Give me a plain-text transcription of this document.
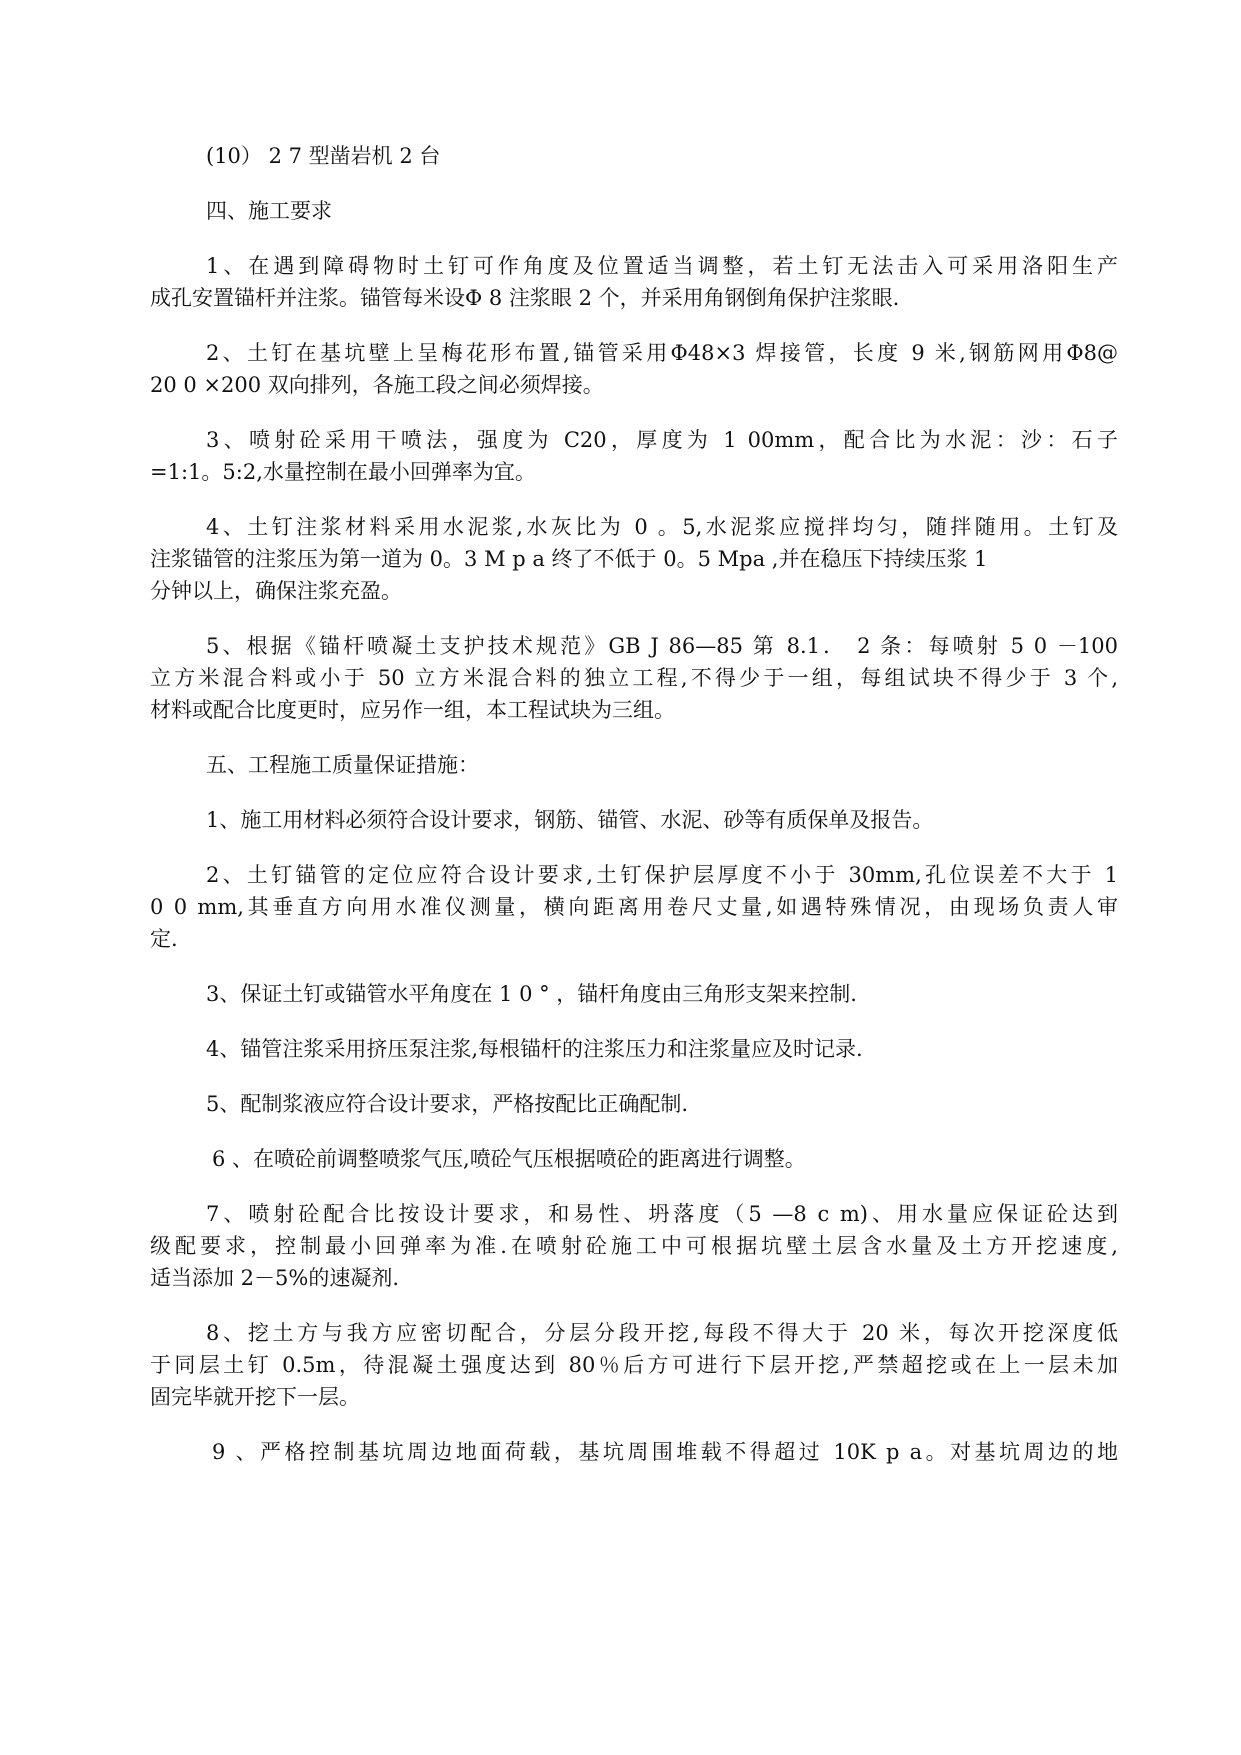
(10） 2 7 型凿岩机 2 台
四、施工要求
1、在遇到障碍物时土钉可作角度及位置适当调整，若土钉无法击入可采用洛阳生产
成孔安置锚杆并注浆。锚管每米设Φ 8 注浆眼 2 个，并采用角钢倒角保护注浆眼.
2、土钉在基坑壁上呈梅花形布置,锚管采用Φ48×3 焊接管，长度 9 米,钢筋网用Φ8@
20 0 ×200 双向排列，各施工段之间必须焊接。
3、喷射砼采用干喷法，强度为 C20，厚度为 1 00mm，配合比为水泥：沙：石子
=1:1。5:2,水量控制在最小回弹率为宜。
4、土钉注浆材料采用水泥浆,水灰比为 0 。5,水泥浆应搅拌均匀，随拌随用。土钉及
注浆锚管的注浆压为第一道为 0。3 M p a 终了不低于 0。5 Mpa ,并在稳压下持续压浆 1
分钟以上，确保注浆充盈。
5、根据《锚杆喷凝土支护技术规范》GB J 86—85 第 8.1． 2 条：每喷射 5 0 －100
立方米混合料或小于 50 立方米混合料的独立工程,不得少于一组，每组试块不得少于 3 个,
材料或配合比度更时，应另作一组，本工程试块为三组。
五、工程施工质量保证措施：
1、施工用材料必须符合设计要求，钢筋、锚管、水泥、砂等有质保单及报告。
2、土钉锚管的定位应符合设计要求,土钉保护层厚度不小于 30mm,孔位误差不大于 1
0 0 mm,其垂直方向用水准仪测量，横向距离用卷尺丈量,如遇特殊情况，由现场负责人审
定.
3、保证土钉或锚管水平角度在 1 0 ° ，锚杆角度由三角形支架来控制.
4、锚管注浆采用挤压泵注浆,每根锚杆的注浆压力和注浆量应及时记录.
5、配制浆液应符合设计要求，严格按配比正确配制.
6 、在喷砼前调整喷浆气压,喷砼气压根据喷砼的距离进行调整。
7、喷射砼配合比按设计要求，和易性、坍落度（5 —8 c m)、用水量应保证砼达到
级配要求，控制最小回弹率为准.在喷射砼施工中可根据坑壁土层含水量及土方开挖速度,
适当添加 2－5%的速凝剂.
8、挖土方与我方应密切配合，分层分段开挖,每段不得大于 20 米，每次开挖深度低
于同层土钉 0.5m，待混凝土强度达到 80％后方可进行下层开挖,严禁超挖或在上一层未加
固完毕就开挖下一层。
9 、严格控制基坑周边地面荷载，基坑周围堆载不得超过 10K p a。对基坑周边的地
